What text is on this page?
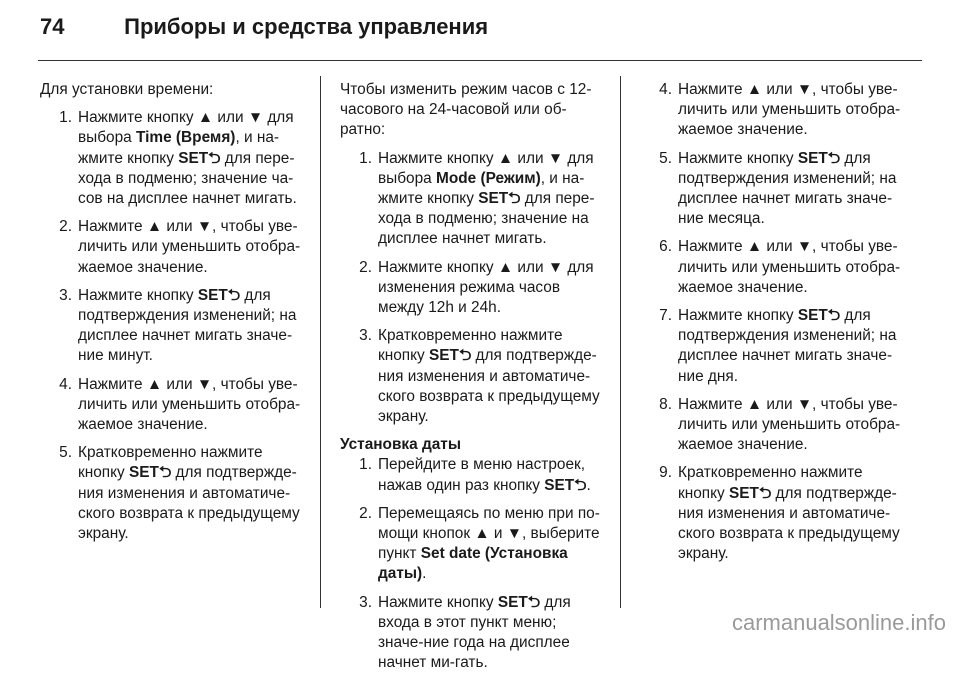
74	Приборы и средства управления
Для установки времени:
1. Нажмите кнопку ▲ или ▼ для выбора Time (Время), и на-жмите кнопку SET⮌ для пере-хода в подменю; значение ча-сов на дисплее начнет мигать.
2. Нажмите ▲ или ▼, чтобы уве-личить или уменьшить отобра-жаемое значение.
3. Нажмите кнопку SET⮌ для подтверждения изменений; на дисплее начнет мигать значе-ние минут.
4. Нажмите ▲ или ▼, чтобы уве-личить или уменьшить отобра-жаемое значение.
5. Кратковременно нажмите кнопку SET⮌ для подтвержде-ния изменения и автоматиче-ского возврата к предыдущему экрану.
Чтобы изменить режим часов с 12-часового на 24-часовой или об-ратно:
1. Нажмите кнопку ▲ или ▼ для выбора Mode (Режим), и на-жмите кнопку SET⮌ для пере-хода в подменю; значение на дисплее начнет мигать.
2. Нажмите кнопку ▲ или ▼ для изменения режима часов между 12h и 24h.
3. Кратковременно нажмите кнопку SET⮌ для подтвержде-ния изменения и автоматиче-ского возврата к предыдущему экрану.
Установка даты
1. Перейдите в меню настроек, нажав один раз кнопку SET⮌.
2. Перемещаясь по меню при по-мощи кнопок ▲ и ▼, выберите пункт Set date (Установка даты).
3. Нажмите кнопку SET⮌ для входа в этот пункт меню; значе-ние года на дисплее начнет ми-гать.
4. Нажмите ▲ или ▼, чтобы уве-личить или уменьшить отобра-жаемое значение.
5. Нажмите кнопку SET⮌ для подтверждения изменений; на дисплее начнет мигать значе-ние месяца.
6. Нажмите ▲ или ▼, чтобы уве-личить или уменьшить отобра-жаемое значение.
7. Нажмите кнопку SET⮌ для подтверждения изменений; на дисплее начнет мигать значе-ние дня.
8. Нажмите ▲ или ▼, чтобы уве-личить или уменьшить отобра-жаемое значение.
9. Кратковременно нажмите кнопку SET⮌ для подтвержде-ния изменения и автоматиче-ского возврата к предыдущему экрану.
carmanualsonline.info
